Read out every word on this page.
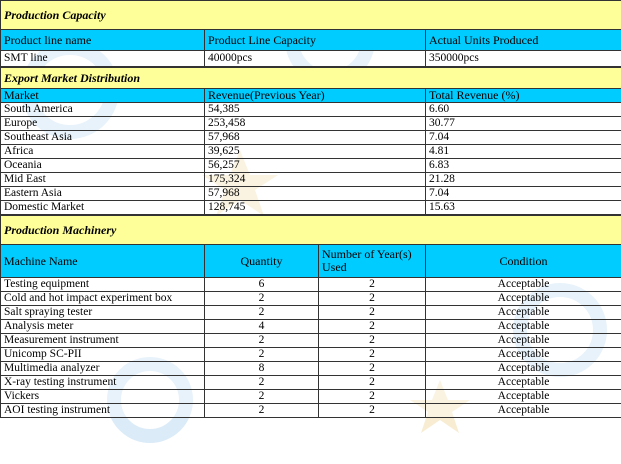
Production Capacity		
Product line name	Product Line Capacity	Actual Units Produced
SMT line	40000pcs	350000pcs
Export Market Distribution		
Market	Revenue(Previous Year)	Total Revenue (%)
South America	54,385	6.60
Europe	253,458	30.77
Southeast Asia	57,968	7.04
Africa	39,625	4.81
Oceania	56,257	6.83
Mid East	175,324	21.28
Eastern Asia	57,968	7.04
Domestic Market	128,745	15.63
Production Machinery			
Machine Name	Quantity	Number of Year(s) Used	Condition
Testing equipment	6	2	Acceptable
Cold and hot impact experiment box	2	2	Acceptable
Salt spraying tester	2	2	Acceptable
Analysis meter	4	2	Acceptable
Measurement instrument	2	2	Acceptable
Unicomp SC-PII	2	2	Acceptable
Multimedia analyzer	8	2	Acceptable
X-ray testing instrument	2	2	Acceptable
Vickers	2	2	Acceptable
AOI testing instrument	2	2	Acceptable
